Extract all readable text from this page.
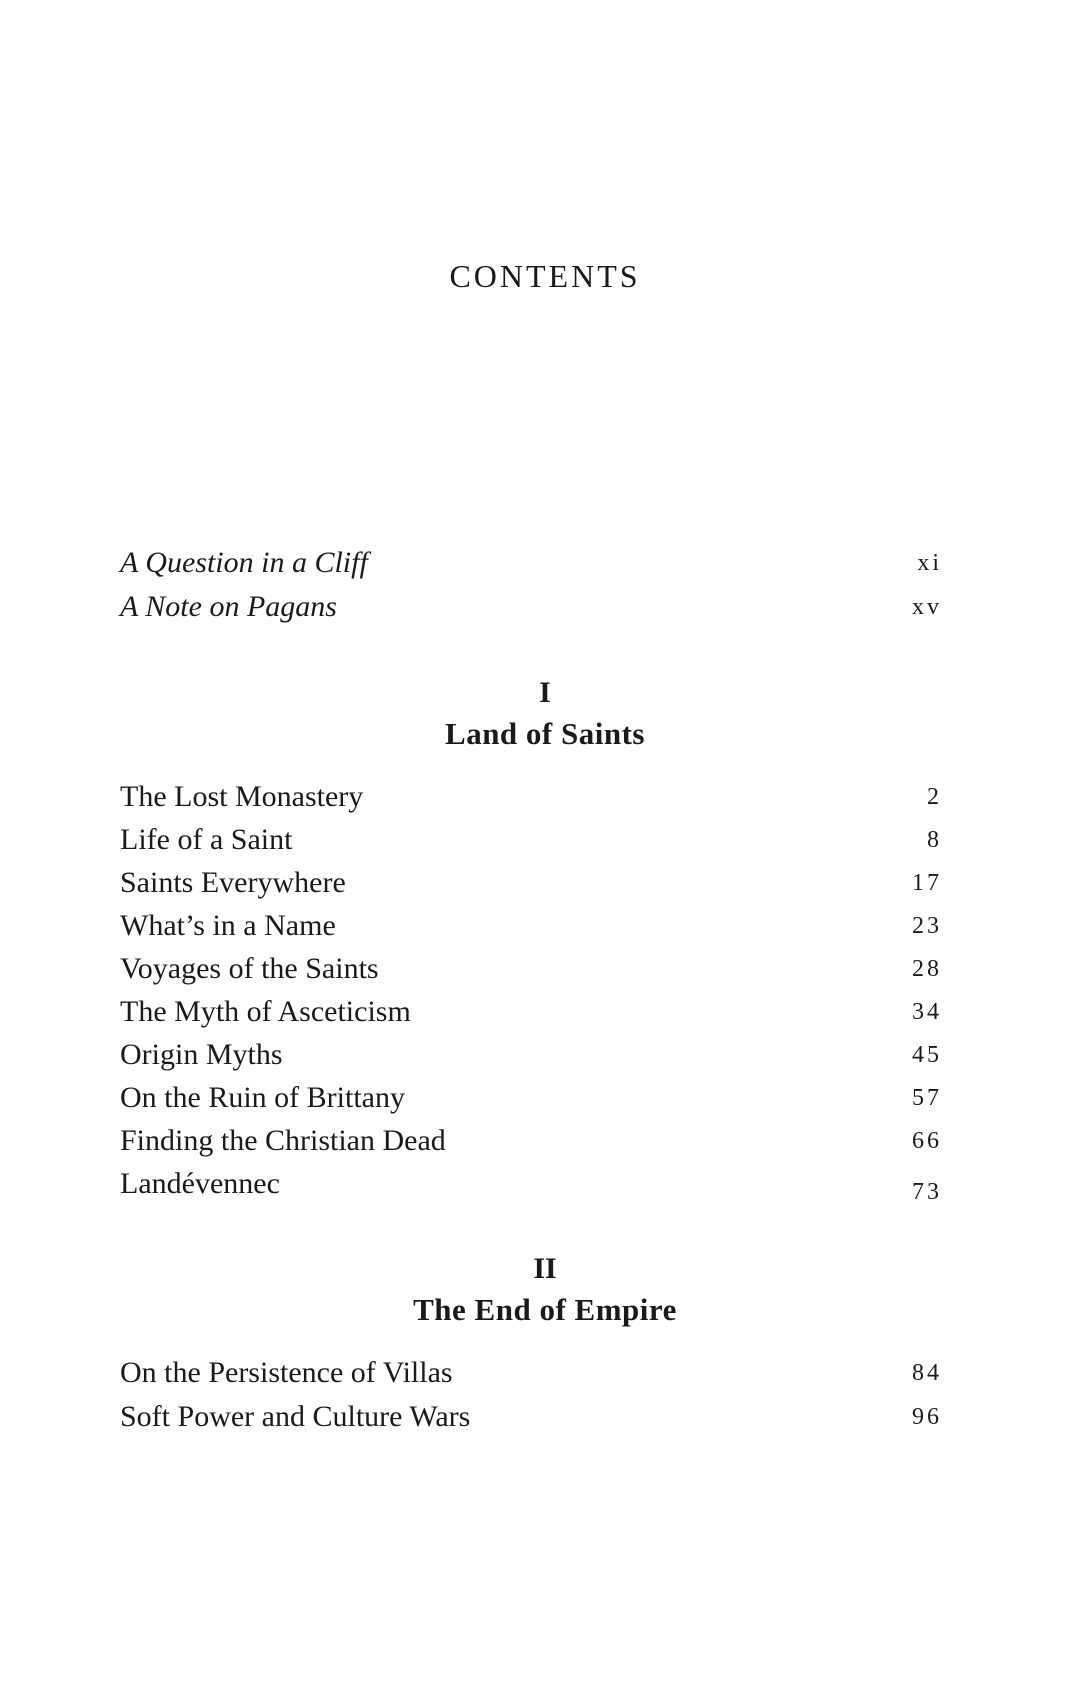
CONTENTS
A Question in a Cliff	xi
A Note on Pagans	xv
I
Land of Saints
The Lost Monastery	2
Life of a Saint	8
Saints Everywhere	17
What’s in a Name	23
Voyages of the Saints	28
The Myth of Asceticism	34
Origin Myths	45
On the Ruin of Brittany	57
Finding the Christian Dead	66
Landévennec	73
II
The End of Empire
On the Persistence of Villas	84
Soft Power and Culture Wars	96
